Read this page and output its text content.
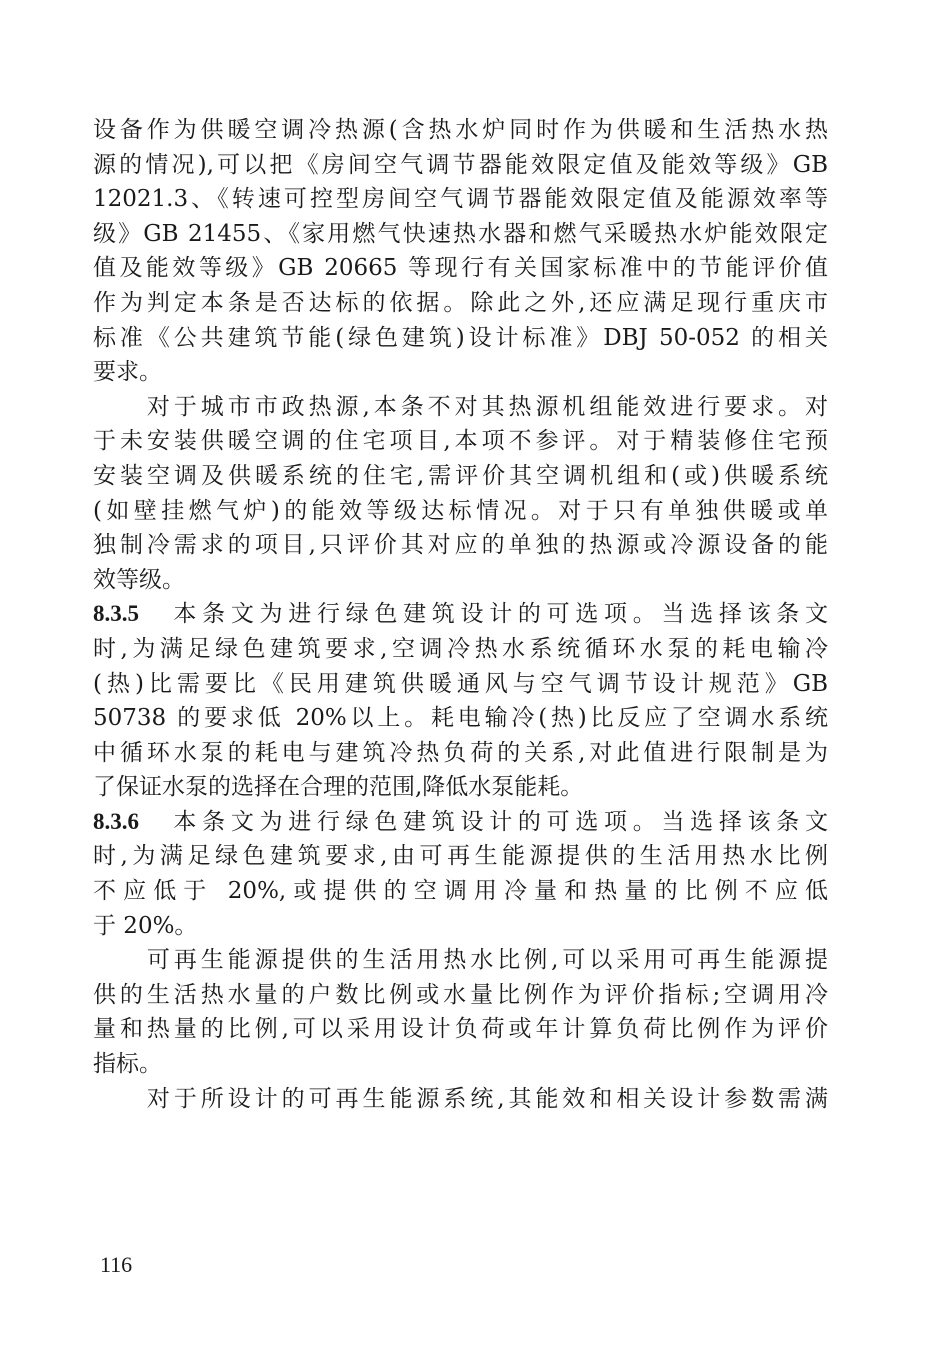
设备作为供暖空调冷热源(含热水炉同时作为供暖和生活热水热
源的情况),可以把《房间空气调节器能效限定值及能效等级》GB
12021.3、《转速可控型房间空气调节器能效限定值及能源效率等
级》GB 21455、《家用燃气快速热水器和燃气采暖热水炉能效限定
值及能效等级》GB 20665 等现行有关国家标准中的节能评价值
作为判定本条是否达标的依据。除此之外,还应满足现行重庆市
标准《公共建筑节能(绿色建筑)设计标准》DBJ 50-052 的相关
要求。
　　对于城市市政热源,本条不对其热源机组能效进行要求。对
于未安装供暖空调的住宅项目,本项不参评。对于精装修住宅预
安装空调及供暖系统的住宅,需评价其空调机组和(或)供暖系统
(如壁挂燃气炉)的能效等级达标情况。对于只有单独供暖或单
独制冷需求的项目,只评价其对应的单独的热源或冷源设备的能
效等级。
8.3.5　本条文为进行绿色建筑设计的可选项。当选择该条文
时,为满足绿色建筑要求,空调冷热水系统循环水泵的耗电输冷
(热)比需要比《民用建筑供暖通风与空气调节设计规范》GB
50738 的要求低 20%以上。耗电输冷(热)比反应了空调水系统
中循环水泵的耗电与建筑冷热负荷的关系,对此值进行限制是为
了保证水泵的选择在合理的范围,降低水泵能耗。
8.3.6　本条文为进行绿色建筑设计的可选项。当选择该条文
时,为满足绿色建筑要求,由可再生能源提供的生活用热水比例
不应低于 20%,或提供的空调用冷量和热量的比例不应低
于 20%。
　　可再生能源提供的生活用热水比例,可以采用可再生能源提
供的生活热水量的户数比例或水量比例作为评价指标;空调用冷
量和热量的比例,可以采用设计负荷或年计算负荷比例作为评价
指标。
　　对于所设计的可再生能源系统,其能效和相关设计参数需满
116
